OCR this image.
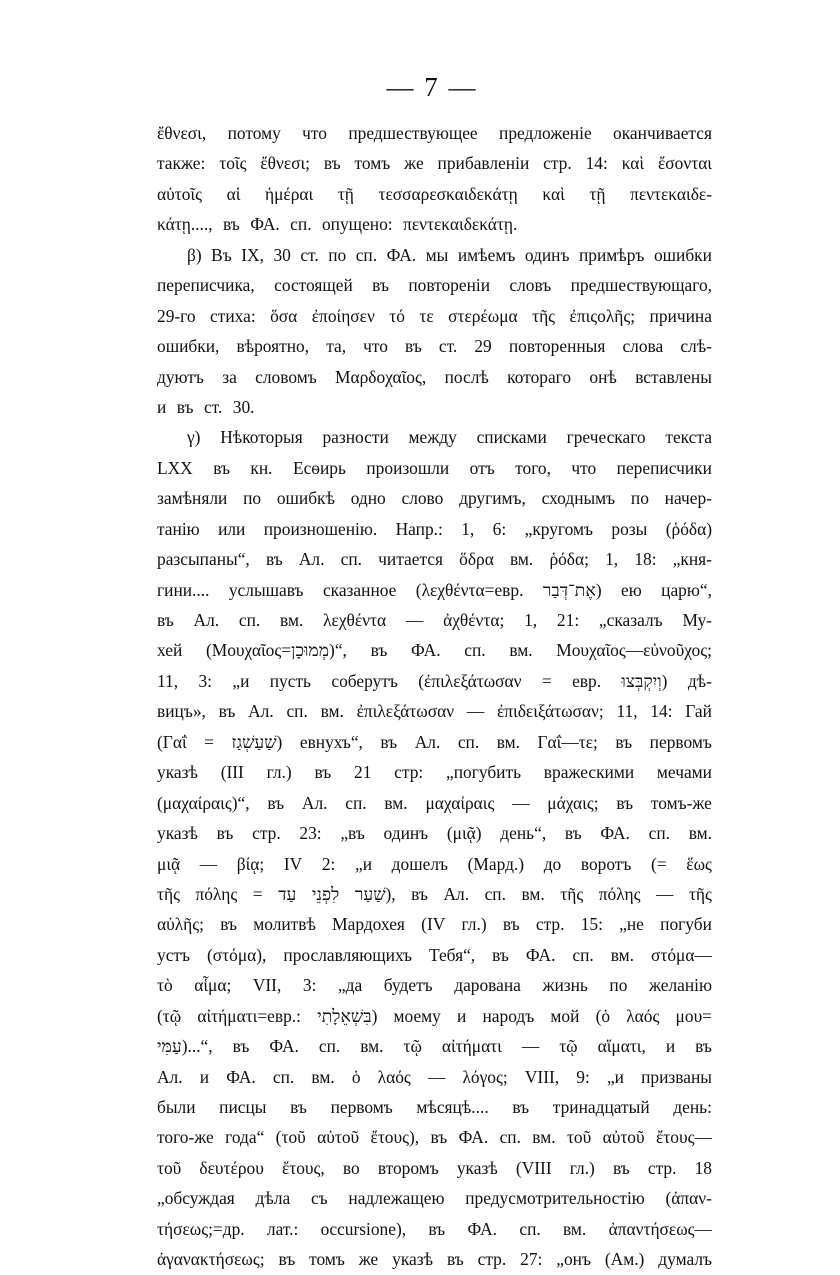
— 7 —
ἔθνεσι, потому что предшествующее предложеніе оканчивается
также: τοῖς ἔθνεσι; въ томъ же прибавленіи стр. 14: καὶ ἔσονται
αὐτοῖς αἱ ἡμέραι τῇ τεσσαρεσκαιδεκάτῃ καὶ τῇ πεντεκαιδε-
κάτῃ...., въ ФА. сп. опущено: πεντεκαιδεκάτῃ.
β) Въ IX, 30 ст. по сп. ФА. мы имѣемъ одинъ примѣръ ошибки
переписчика, состоящей въ повтореніи словъ предшествующаго,
29-го стиха: ὅσα ἐποίησεν τό τε στερέωμα τῆς ἐπιςολῆς; причина
ошибки, вѣроятно, та, что въ ст. 29 повторенныя слова слѣ-
дуютъ за словомъ Μαρδοχαῖος, послѣ котораго онѣ вставлены
и въ ст. 30.
γ) Нѣкоторыя разности между списками греческаго текста
LXX въ кн. Есѳирь произошли отъ того, что переписчики
замѣняли по ошибкѣ одно слово другимъ, сходнымъ по начер-
танію или произношенію. Напр.: 1, 6: „кругомъ розы (ῥόδα)
разсыпаны“, въ Ал. сп. читается ὅδρα вм. ῥόδα; 1, 18: „кня-
гини.... услышавъ сказанное (λεχθέντα=евр. אֶת־דְּבַר) ею царю“,
въ Ал. сп. вм. λεχθέντα — ἀχθέντα; 1, 21: „сказалъ Му-
хей (Μουχαῖος=מְמוּכָן)“, въ ФА. сп. вм. Μουχαῖος—εὐνοῦχος;
11, 3: „и пусть соберутъ (ἐπιλεξάτωσαν = евр. וְיִקְבְּצוּ) дѣ-
вицъ», въ Ал. сп. вм. ἐπιλεξάτωσαν — ἐπιδειξάτωσαν; 11, 14: Гай
(Γαΐ = שַׁעַשְׁגַז) евнухъ“, въ Ал. сп. вм. Γαΐ—τε; въ первомъ
указѣ (III гл.) въ 21 стр: „погубить вражескими мечами
(μαχαίραις)“, въ Ал. сп. вм. μαχαίραις — μάχαις; въ томъ-же
указѣ въ стр. 23: „въ одинъ (μιᾷ) день“, въ ФА. сп. вм.
μιᾷ — βίᾳ; IV 2: „и дошелъ (Мард.) до воротъ (= ἕως
τῆς πόλης = עַד לִפְנֵי שַׁעַר), въ Ал. сп. вм. τῆς πόλης — τῆς
αὐλῆς; въ молитвѣ Мардохея (IV гл.) въ стр. 15: „не погуби
устъ (στόμα), прославляющихъ Тебя“, въ ФА. сп. вм. στόμα—
τὸ αἷμα; VII, 3: „да будетъ дарована жизнь по желанію
(τῷ αἰτήματι=евр.: בִּשְׁאֵלָתִי) моему и народъ мой (ὁ λαός μου=
עַמִּי)...“, въ ФА. сп. вм. τῷ αἰτήματι — τῷ αἵματι, и въ
Ал. и ФА. сп. вм. ὁ λαός — λόγος; VIII, 9: „и призваны
были писцы въ первомъ мѣсяцѣ.... въ тринадцатый день:
того-же года“ (τοῦ αὐτοῦ ἔτους), въ ФА. сп. вм. τοῦ αὐτοῦ ἔτους—
τοῦ δευτέρου ἔτους, во второмъ указѣ (VIII гл.) въ стр. 18
„обсуждая дѣла съ надлежащею предусмотрительностію (ἀπαν-
τήσεως;=др. лат.: occursione), въ ФА. сп. вм. ἀπαντήσεως—
ἀγανακτήσεως; въ томъ же указѣ въ стр. 27: „онъ (Ам.) думалъ
